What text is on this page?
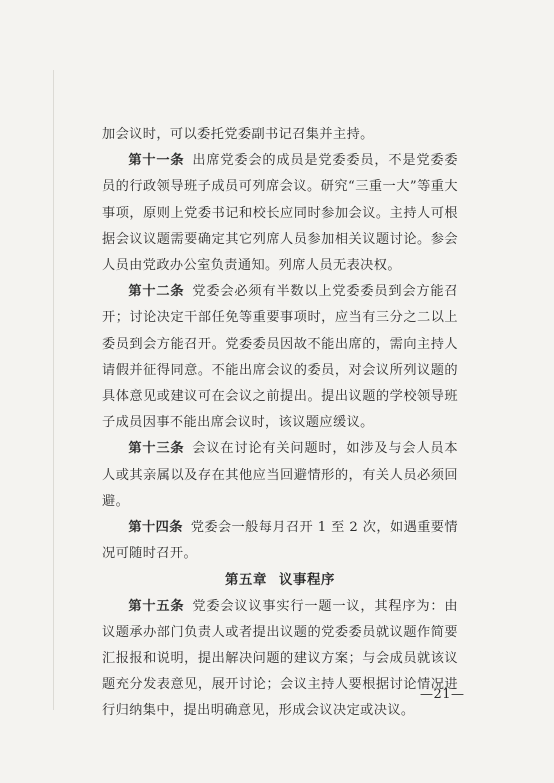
加会议时，可以委托党委副书记召集并主持。

第十一条 出席党委会的成员是党委委员，不是党委委员的行政领导班子成员可列席会议。研究“三重一大”等重大事项，原则上党委书记和校长应同时参加会议。主持人可根据会议议题需要确定其它列席人员参加相关议题讨论。参会人员由党政办公室负责通知。列席人员无表决权。

第十二条 党委会必须有半数以上党委委员到会方能召开；讨论决定干部任免等重要事项时，应当有三分之二以上委员到会方能召开。党委委员因故不能出席的，需向主持人请假并征得同意。不能出席会议的委员，对会议所列议题的具体意见或建议可在会议之前提出。提出议题的学校领导班子成员因事不能出席会议时，该议题应缓议。

第十三条 会议在讨论有关问题时，如涉及与会人员本人或其亲属以及存在其他应当回避情形的，有关人员必须回避。

第十四条 党委会一般每月召开 1 至 2 次，如遇重要情况可随时召开。

第五章 议事程序

第十五条 党委会议议事实行一题一议，其程序为：由议题承办部门负责人或者提出议题的党委委员就议题作简要汇报报和说明，提出解决问题的建议方案；与会成员就该议题充分发表意见，展开讨论；会议主持人要根据讨论情况进行归纳集中，提出明确意见，形成会议决定或决议。

—21—
